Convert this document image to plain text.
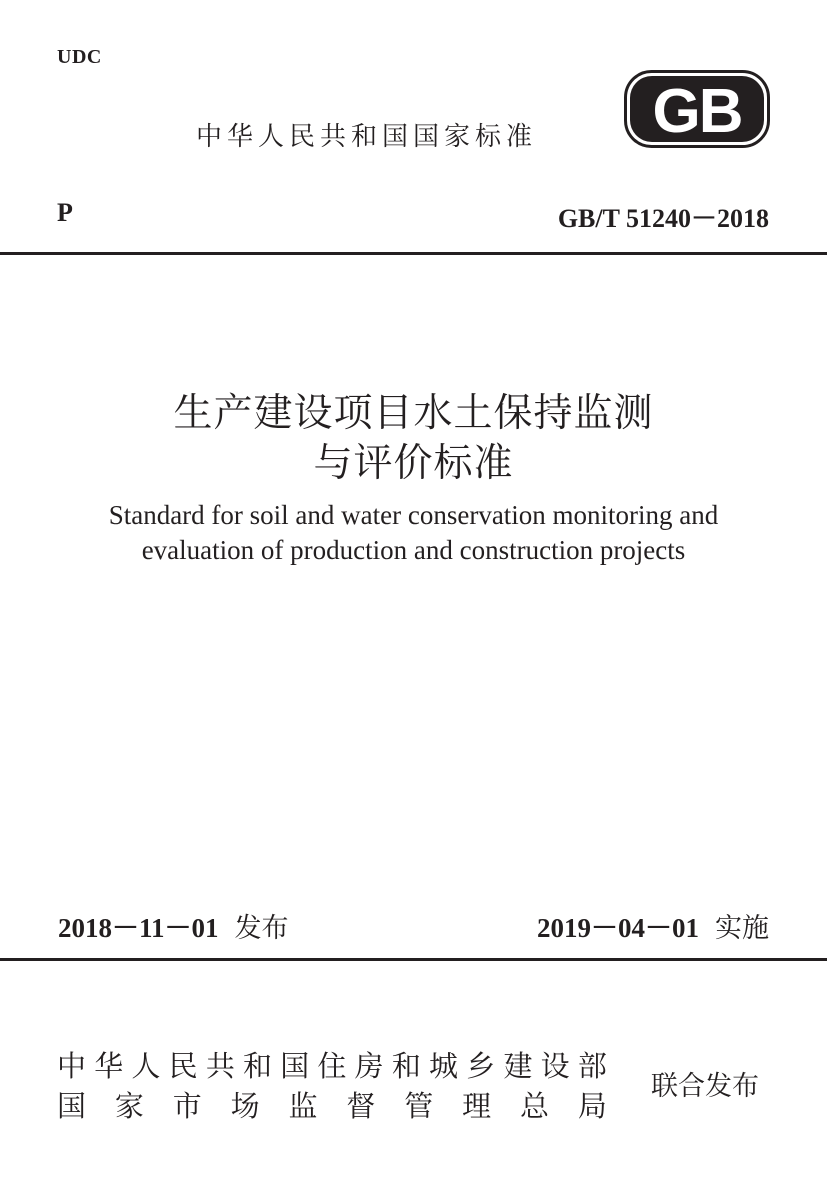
UDC
中华人民共和国国家标准 GB
P	GB/T 51240－2018
生产建设项目水土保持监测
与评价标准
Standard for soil and water conservation monitoring and
evaluation of production and construction projects
2018－11－01 发布	2019－04－01 实施
中 华 人 民 共 和 国 住 房 和 城 乡 建 设 部
国 家 市 场 监 督 管 理 总 局
联合发布
